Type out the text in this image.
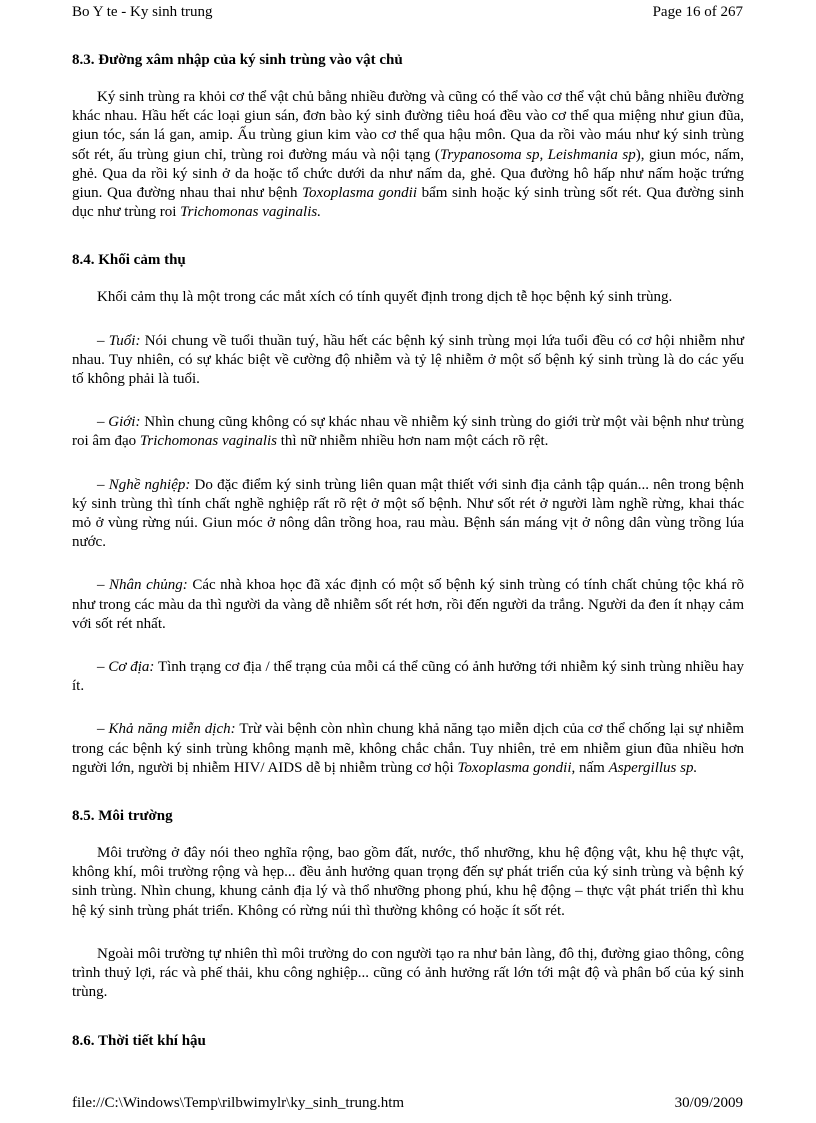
Bo Y te - Ky sinh trung	Page 16 of 267
8.3. Đường xâm nhập của ký sinh trùng vào vật chủ

Ký sinh trùng ra khỏi cơ thể vật chủ bằng nhiều đường và cũng có thể vào cơ thể vật chủ bằng nhiều đường khác nhau. Hầu hết các loại giun sán, đơn bào ký sinh đường tiêu hoá đều vào cơ thể qua miệng như giun đũa, giun tóc, sán lá gan, amip. Ấu trùng giun kim vào cơ thể qua hậu môn. Qua da rồi vào máu như ký sinh trùng sốt rét, ấu trùng giun chỉ, trùng roi đường máu và nội tạng (Trypanosoma sp, Leishmania sp), giun móc, nấm, ghẻ. Qua da rồi ký sinh ở da hoặc tổ chức dưới da như nấm da, ghẻ. Qua đường hô hấp như nấm hoặc trứng giun. Qua đường nhau thai như bệnh Toxoplasma gondii bẩm sinh hoặc ký sinh trùng sốt rét. Qua đường sinh dục như trùng roi Trichomonas vaginalis.

8.4. Khối cảm thụ

Khối cảm thụ là một trong các mắt xích có tính quyết định trong dịch tễ học bệnh ký sinh trùng.

– Tuổi: Nói chung về tuổi thuần tuý, hầu hết các bệnh ký sinh trùng mọi lứa tuổi đều có cơ hội nhiễm như nhau. Tuy nhiên, có sự khác biệt về cường độ nhiễm và tỷ lệ nhiễm ở một số bệnh ký sinh trùng là do các yếu tố không phải là tuổi.

– Giới: Nhìn chung cũng không có sự khác nhau về nhiễm ký sinh trùng do giới trừ một vài bệnh như trùng roi âm đạo Trichomonas vaginalis thì nữ nhiễm nhiều hơn nam một cách rõ rệt.

– Nghề nghiệp: Do đặc điểm ký sinh trùng liên quan mật thiết với sinh địa cảnh tập quán... nên trong bệnh ký sinh trùng thì tính chất nghề nghiệp rất rõ rệt ở một số bệnh. Như sốt rét ở người làm nghề rừng, khai thác mỏ ở vùng rừng núi. Giun móc ở nông dân trồng hoa, rau màu. Bệnh sán máng vịt ở nông dân vùng trồng lúa nước.

– Nhân chủng: Các nhà khoa học đã xác định có một số bệnh ký sinh trùng có tính chất chủng tộc khá rõ như trong các màu da thì người da vàng dễ nhiễm sốt rét hơn, rồi đến người da trắng. Người da đen ít nhạy cảm với sốt rét nhất.

– Cơ địa: Tình trạng cơ địa / thể trạng của mỗi cá thể cũng có ảnh hưởng tới nhiễm ký sinh trùng nhiều hay ít.

– Khả năng miễn dịch: Trừ vài bệnh còn nhìn chung khả năng tạo miễn dịch của cơ thể chống lại sự nhiễm trong các bệnh ký sinh trùng không mạnh mẽ, không chắc chắn. Tuy nhiên, trẻ em nhiễm giun đũa nhiều hơn người lớn, người bị nhiễm HIV/ AIDS dễ bị nhiễm trùng cơ hội Toxoplasma gondii, nấm Aspergillus sp.

8.5. Môi trường

Môi trường ở đây nói theo nghĩa rộng, bao gồm đất, nước, thổ nhưỡng, khu hệ động vật, khu hệ thực vật, không khí, môi trường rộng và hẹp... đều ảnh hưởng quan trọng đến sự phát triển của ký sinh trùng và bệnh ký sinh trùng. Nhìn chung, khung cảnh địa lý và thổ nhưỡng phong phú, khu hệ động – thực vật phát triển thì khu hệ ký sinh trùng phát triển. Không có rừng núi thì thường không có hoặc ít sốt rét.

Ngoài môi trường tự nhiên thì môi trường do con người tạo ra như bản làng, đô thị, đường giao thông, công trình thuỷ lợi, rác và phế thải, khu công nghiệp... cũng có ảnh hưởng rất lớn tới mật độ và phân bố của ký sinh trùng.

8.6. Thời tiết khí hậu
file://C:\Windows\Temp\rilbwimylr\ky_sinh_trung.htm	30/09/2009
